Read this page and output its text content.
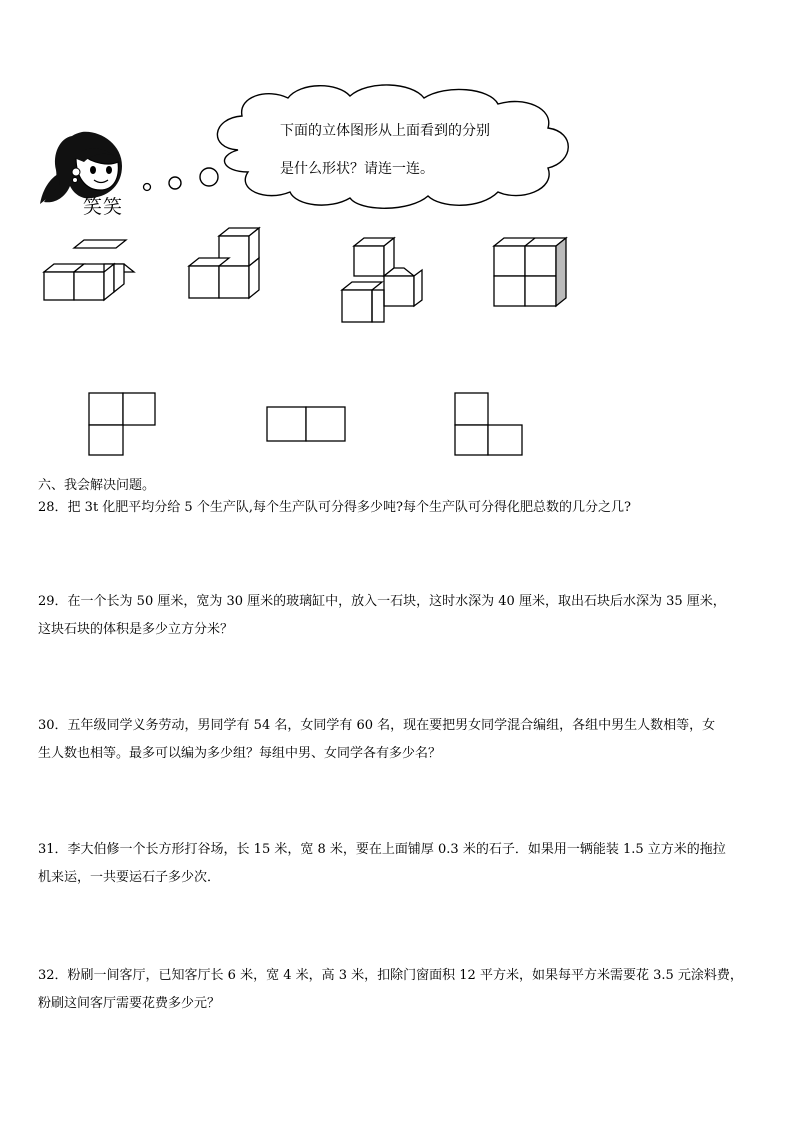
下面的立体图形从上面看到的分别
是什么形状？请连一连。
笑笑
六、我会解决问题。
28．把 3t 化肥平均分给 5 个生产队,每个生产队可分得多少吨?每个生产队可分得化肥总数的几分之几?
29．在一个长为 50 厘米，宽为 30 厘米的玻璃缸中，放入一石块，这时水深为 40 厘米，取出石块后水深为 35 厘米，
这块石块的体积是多少立方分米？
30．五年级同学义务劳动，男同学有 54 名，女同学有 60 名，现在要把男女同学混合编组，各组中男生人数相等，女
生人数也相等。最多可以编为多少组？每组中男、女同学各有多少名？
31．李大伯修一个长方形打谷场，长 15 米，宽 8 米，要在上面铺厚 0.3 米的石子．如果用一辆能装 1.5 立方米的拖拉
机来运，一共要运石子多少次．
32．粉刷一间客厅，已知客厅长 6 米，宽 4 米，高 3 米，扣除门窗面积 12 平方米，如果每平方米需要花 3.5 元涂料费，
粉刷这间客厅需要花费多少元？
